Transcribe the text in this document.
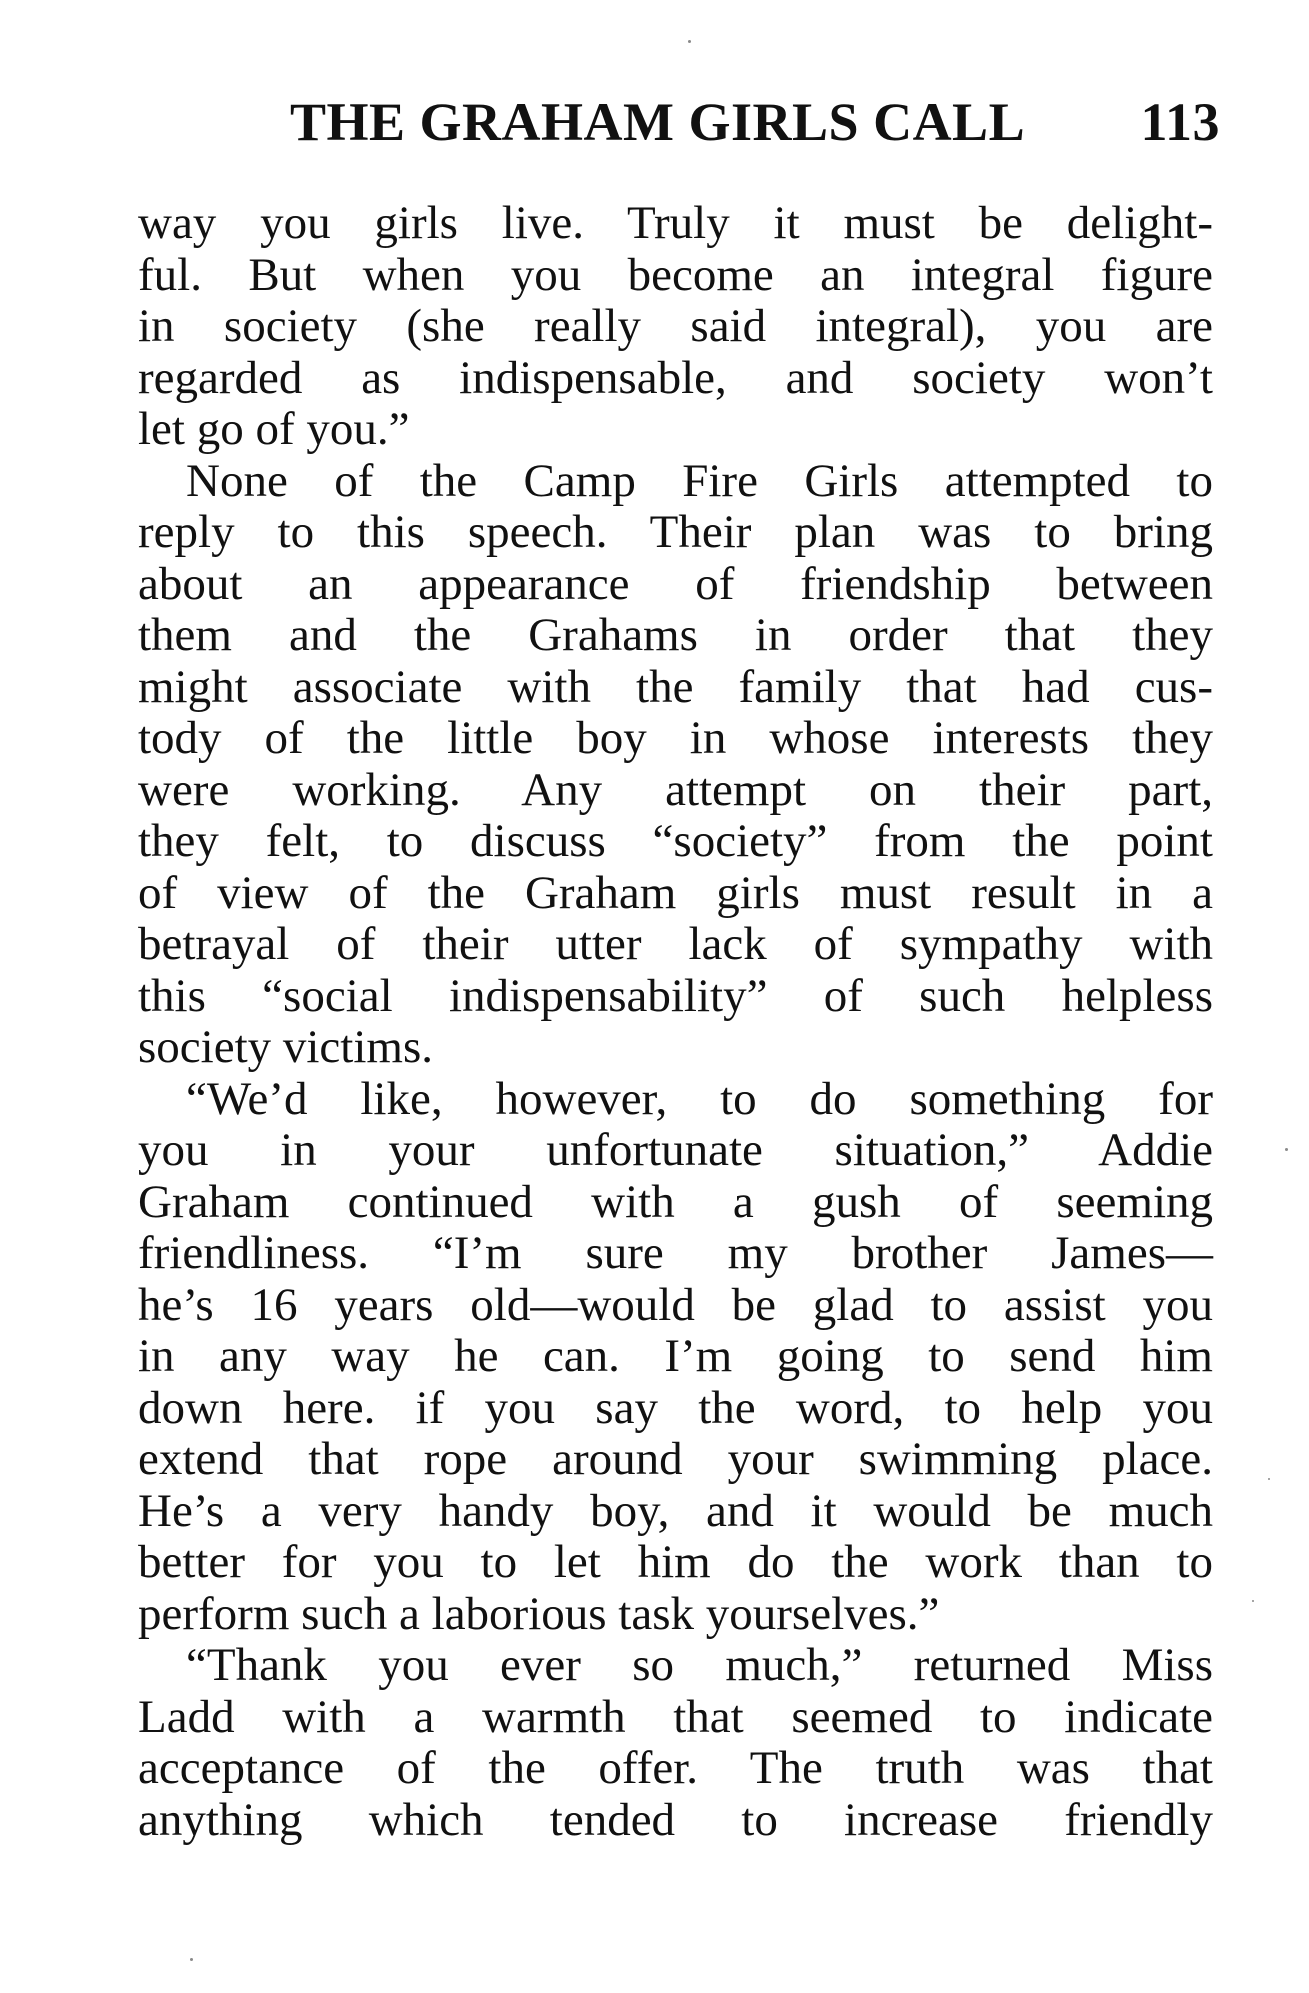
THE GRAHAM GIRLS CALL 113
way you girls live. Truly it must be delight-
ful. But when you become an integral figure
in society (she really said integral), you are
regarded as indispensable, and society won’t
let go of you.”
None of the Camp Fire Girls attempted to
reply to this speech. Their plan was to bring
about an appearance of friendship between
them and the Grahams in order that they
might associate with the family that had cus-
tody of the little boy in whose interests they
were working. Any attempt on their part,
they felt, to discuss “society” from the point
of view of the Graham girls must result in a
betrayal of their utter lack of sympathy with
this “social indispensability” of such helpless
society victims.
“We’d like, however, to do something for
you in your unfortunate situation,” Addie
Graham continued with a gush of seeming
friendliness. “I’m sure my brother James—
he’s 16 years old—would be glad to assist you
in any way he can. I’m going to send him
down here. if you say the word, to help you
extend that rope around your swimming place.
He’s a very handy boy, and it would be much
better for you to let him do the work than to
perform such a laborious task yourselves.”
“Thank you ever so much,” returned Miss
Ladd with a warmth that seemed to indicate
acceptance of the offer. The truth was that
anything which tended to increase friendly
